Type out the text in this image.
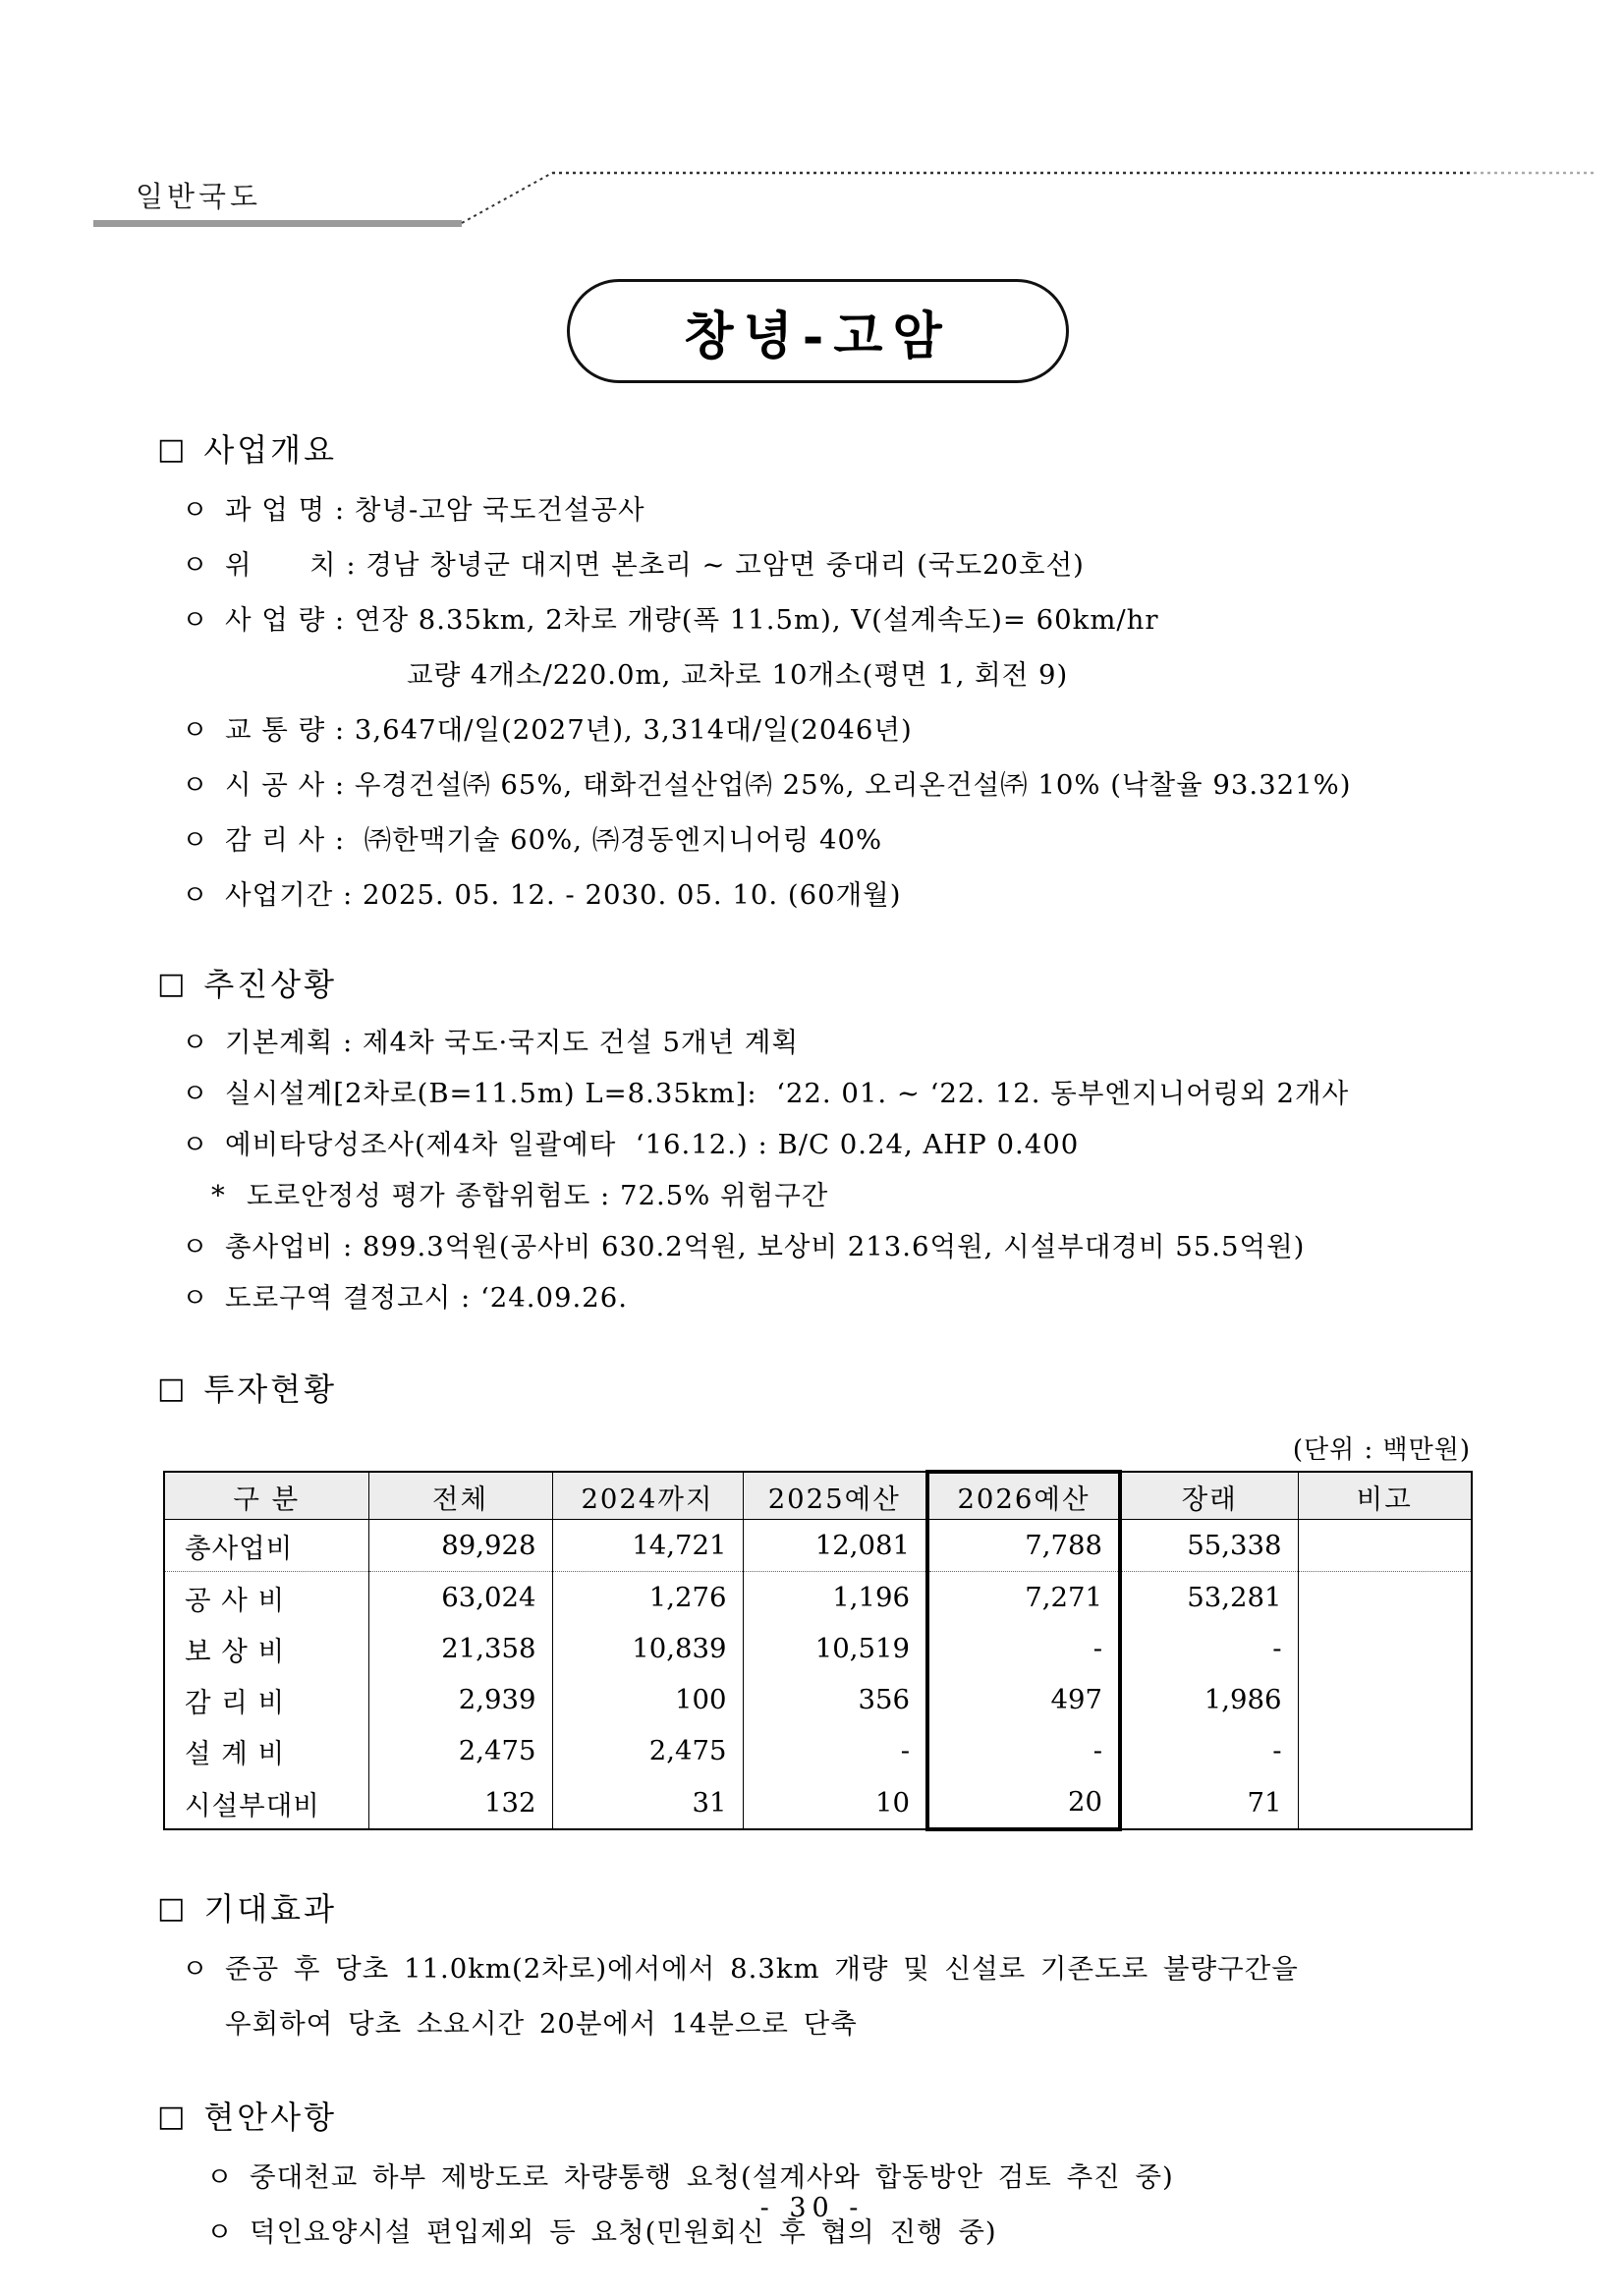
일반국도
창녕-고암
□ 사업개요
ㅇ 과 업 명 : 창녕-고암 국도건설공사
ㅇ 위      치 : 경남 창녕군 대지면 본초리 ~ 고암면 중대리 (국도20호선)
ㅇ 사 업 량 : 연장 8.35km, 2차로 개량(폭 11.5m), V(설계속도)= 60km/hr
교량 4개소/220.0m, 교차로 10개소(평면 1, 회전 9)
ㅇ 교 통 량 : 3,647대/일(2027년), 3,314대/일(2046년)
ㅇ 시 공 사 : 우경건설㈜ 65%, 태화건설산업㈜ 25%, 오리온건설㈜ 10% (낙찰율 93.321%)
ㅇ 감 리 사 :  ㈜한맥기술 60%, ㈜경동엔지니어링 40%
ㅇ 사업기간 : 2025. 05. 12. - 2030. 05. 10. (60개월)
□ 추진상황
ㅇ 기본계획 : 제4차 국도·국지도 건설 5개년 계획
ㅇ 실시설계[2차로(B=11.5m) L=8.35km]:  ‘22. 01. ~ ‘22. 12. 동부엔지니어링외 2개사
ㅇ 예비타당성조사(제4차 일괄예타  ‘16.12.) : B/C 0.24, AHP 0.400
* 도로안정성 평가 종합위험도 : 72.5% 위험구간
ㅇ 총사업비 : 899.3억원(공사비 630.2억원, 보상비 213.6억원, 시설부대경비 55.5억원)
ㅇ 도로구역 결정고시 : ‘24.09.26.
□ 투자현황
(단위 : 백만원)
구 분	전체	2024까지	2025예산	2026예산	장래	비고
총사업비	89,928	14,721	12,081	7,788	55,338	
공 사 비	63,024	1,276	1,196	7,271	53,281	
보 상 비	21,358	10,839	10,519	-	-	
감 리 비	2,939	100	356	497	1,986	
설 계 비	2,475	2,475	-	-	-	
시설부대비	132	31	10	20	71	
□ 기대효과
ㅇ 준공 후 당초 11.0km(2차로)에서에서 8.3km 개량 및 신설로 기존도로 불량구간을
우회하여 당초 소요시간 20분에서 14분으로 단축
□ 현안사항
ㅇ 중대천교 하부 제방도로 차량통행 요청(설계사와 합동방안 검토 추진 중)
ㅇ 덕인요양시설 편입제외 등 요청(민원회신 후 협의 진행 중)
- 30 -
